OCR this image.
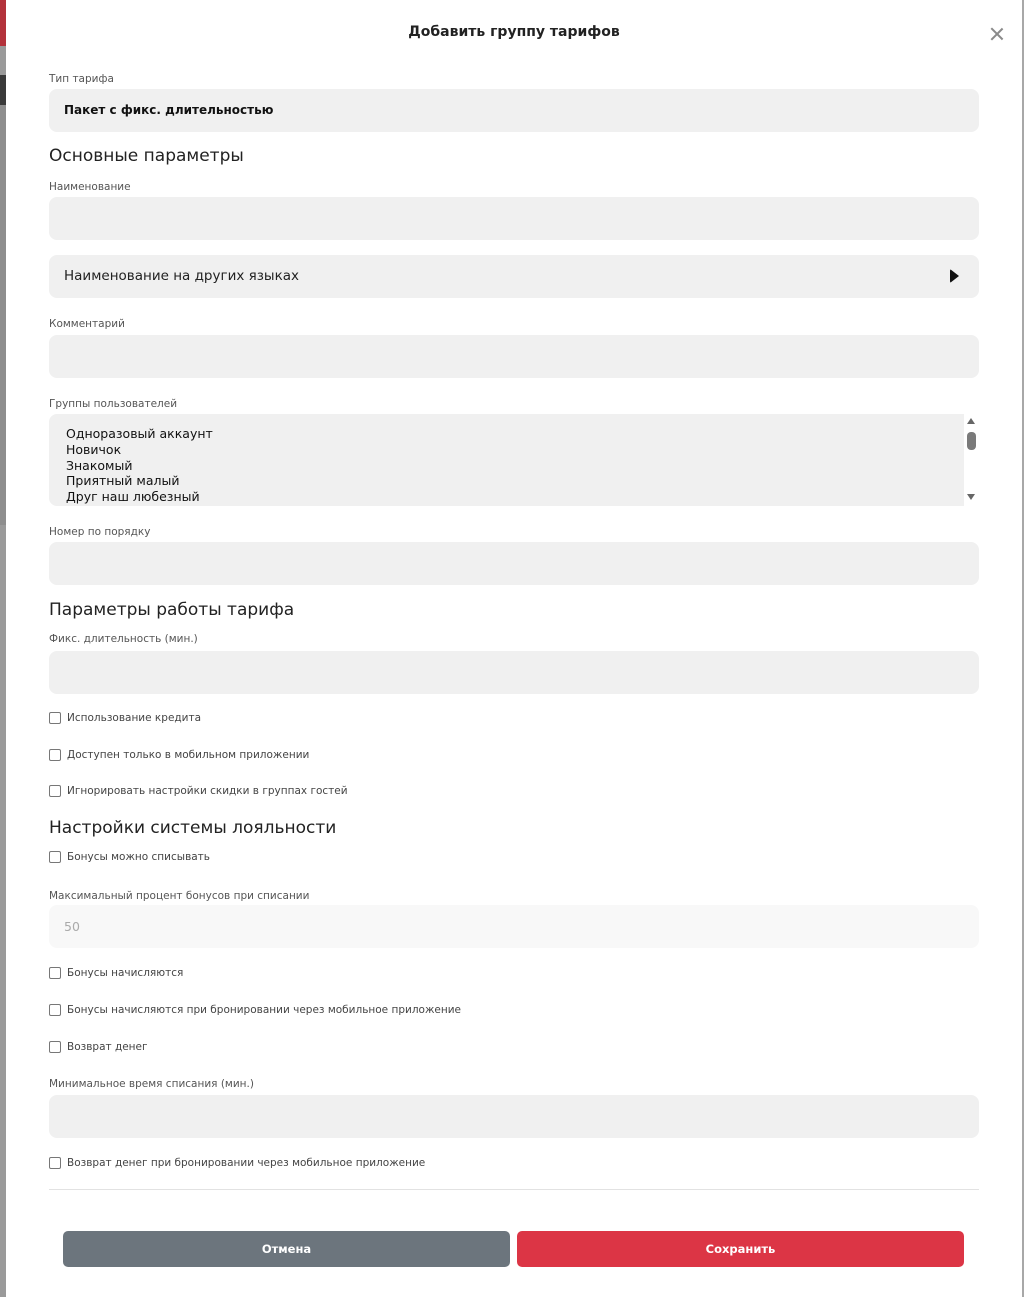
Добавить группу тарифов
Тип тарифа
Пакет с фикс. длительностью
Основные параметры
Наименование
Наименование на других языках
Комментарий
Группы пользователей
Одноразовый аккаунт
Новичок
Знакомый
Приятный малый
Друг наш любезный
Номер по порядку
Параметры работы тарифа
Фикс. длительность (мин.)
Использование кредита
Доступен только в мобильном приложении
Игнорировать настройки скидки в группах гостей
Настройки системы лояльности
Бонусы можно списывать
Максимальный процент бонусов при списании
50
Бонусы начисляются
Бонусы начисляются при бронировании через мобильное приложение
Возврат денег
Минимальное время списания (мин.)
Возврат денег при бронировании через мобильное приложение
Отмена	Сохранить
